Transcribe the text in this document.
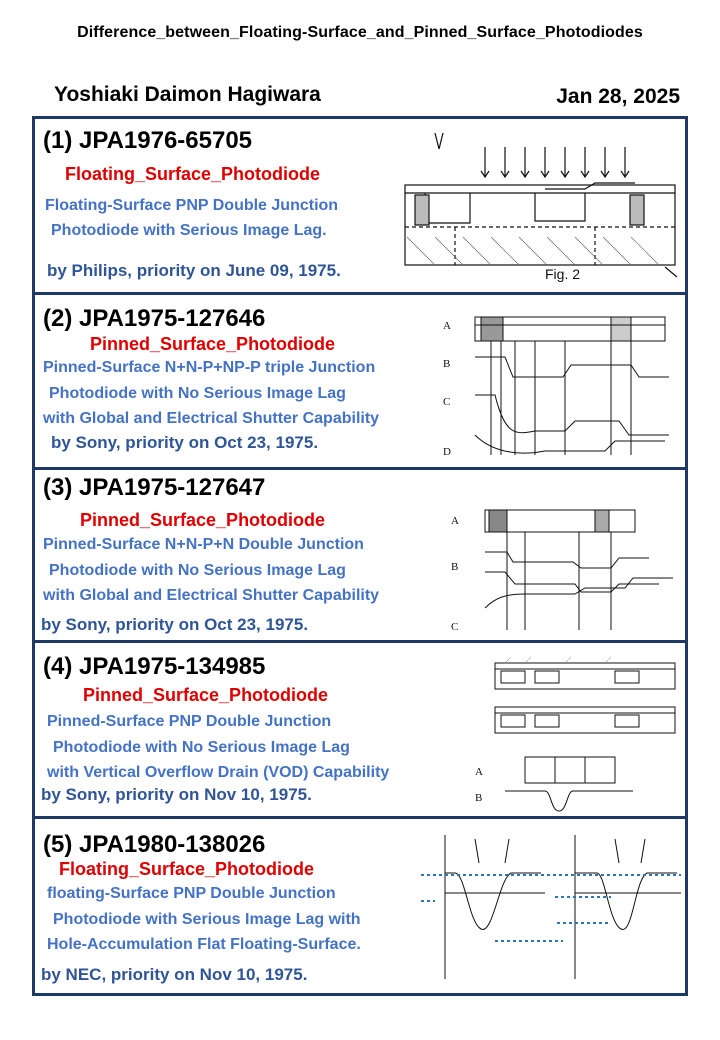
Difference_between_Floating-Surface_and_Pinned_Surface_Photodiodes
Yoshiaki Daimon Hagiwara	Jan 28, 2025
(1) JPA1976-65705
Floating_Surface_Photodiode
Floating-Surface PNP Double Junction
Photodiode with Serious Image Lag.
by Philips, priority on June 09, 1975.	Fig. 2
(2) JPA1975-127646
Pinned_Surface_Photodiode
Pinned-Surface N+N-P+NP-P triple Junction
Photodiode with No Serious Image Lag
with Global and Electrical Shutter Capability
by Sony, priority on Oct 23, 1975.
A
B
C
D
(3) JPA1975-127647
Pinned_Surface_Photodiode
Pinned-Surface N+N-P+N Double Junction
Photodiode with No Serious Image Lag
with Global and Electrical Shutter Capability
by Sony, priority on Oct 23, 1975.
A
B
C
(4) JPA1975-134985
Pinned_Surface_Photodiode
Pinned-Surface PNP Double Junction
Photodiode with No Serious Image Lag
with Vertical Overflow Drain (VOD) Capability
by Sony, priority on Nov 10, 1975.
A
B
(5) JPA1980-138026
Floating_Surface_Photodiode
floating-Surface PNP Double Junction
Photodiode with Serious Image Lag with
Hole-Accumulation Flat Floating-Surface.
by NEC, priority on Nov 10, 1975.
